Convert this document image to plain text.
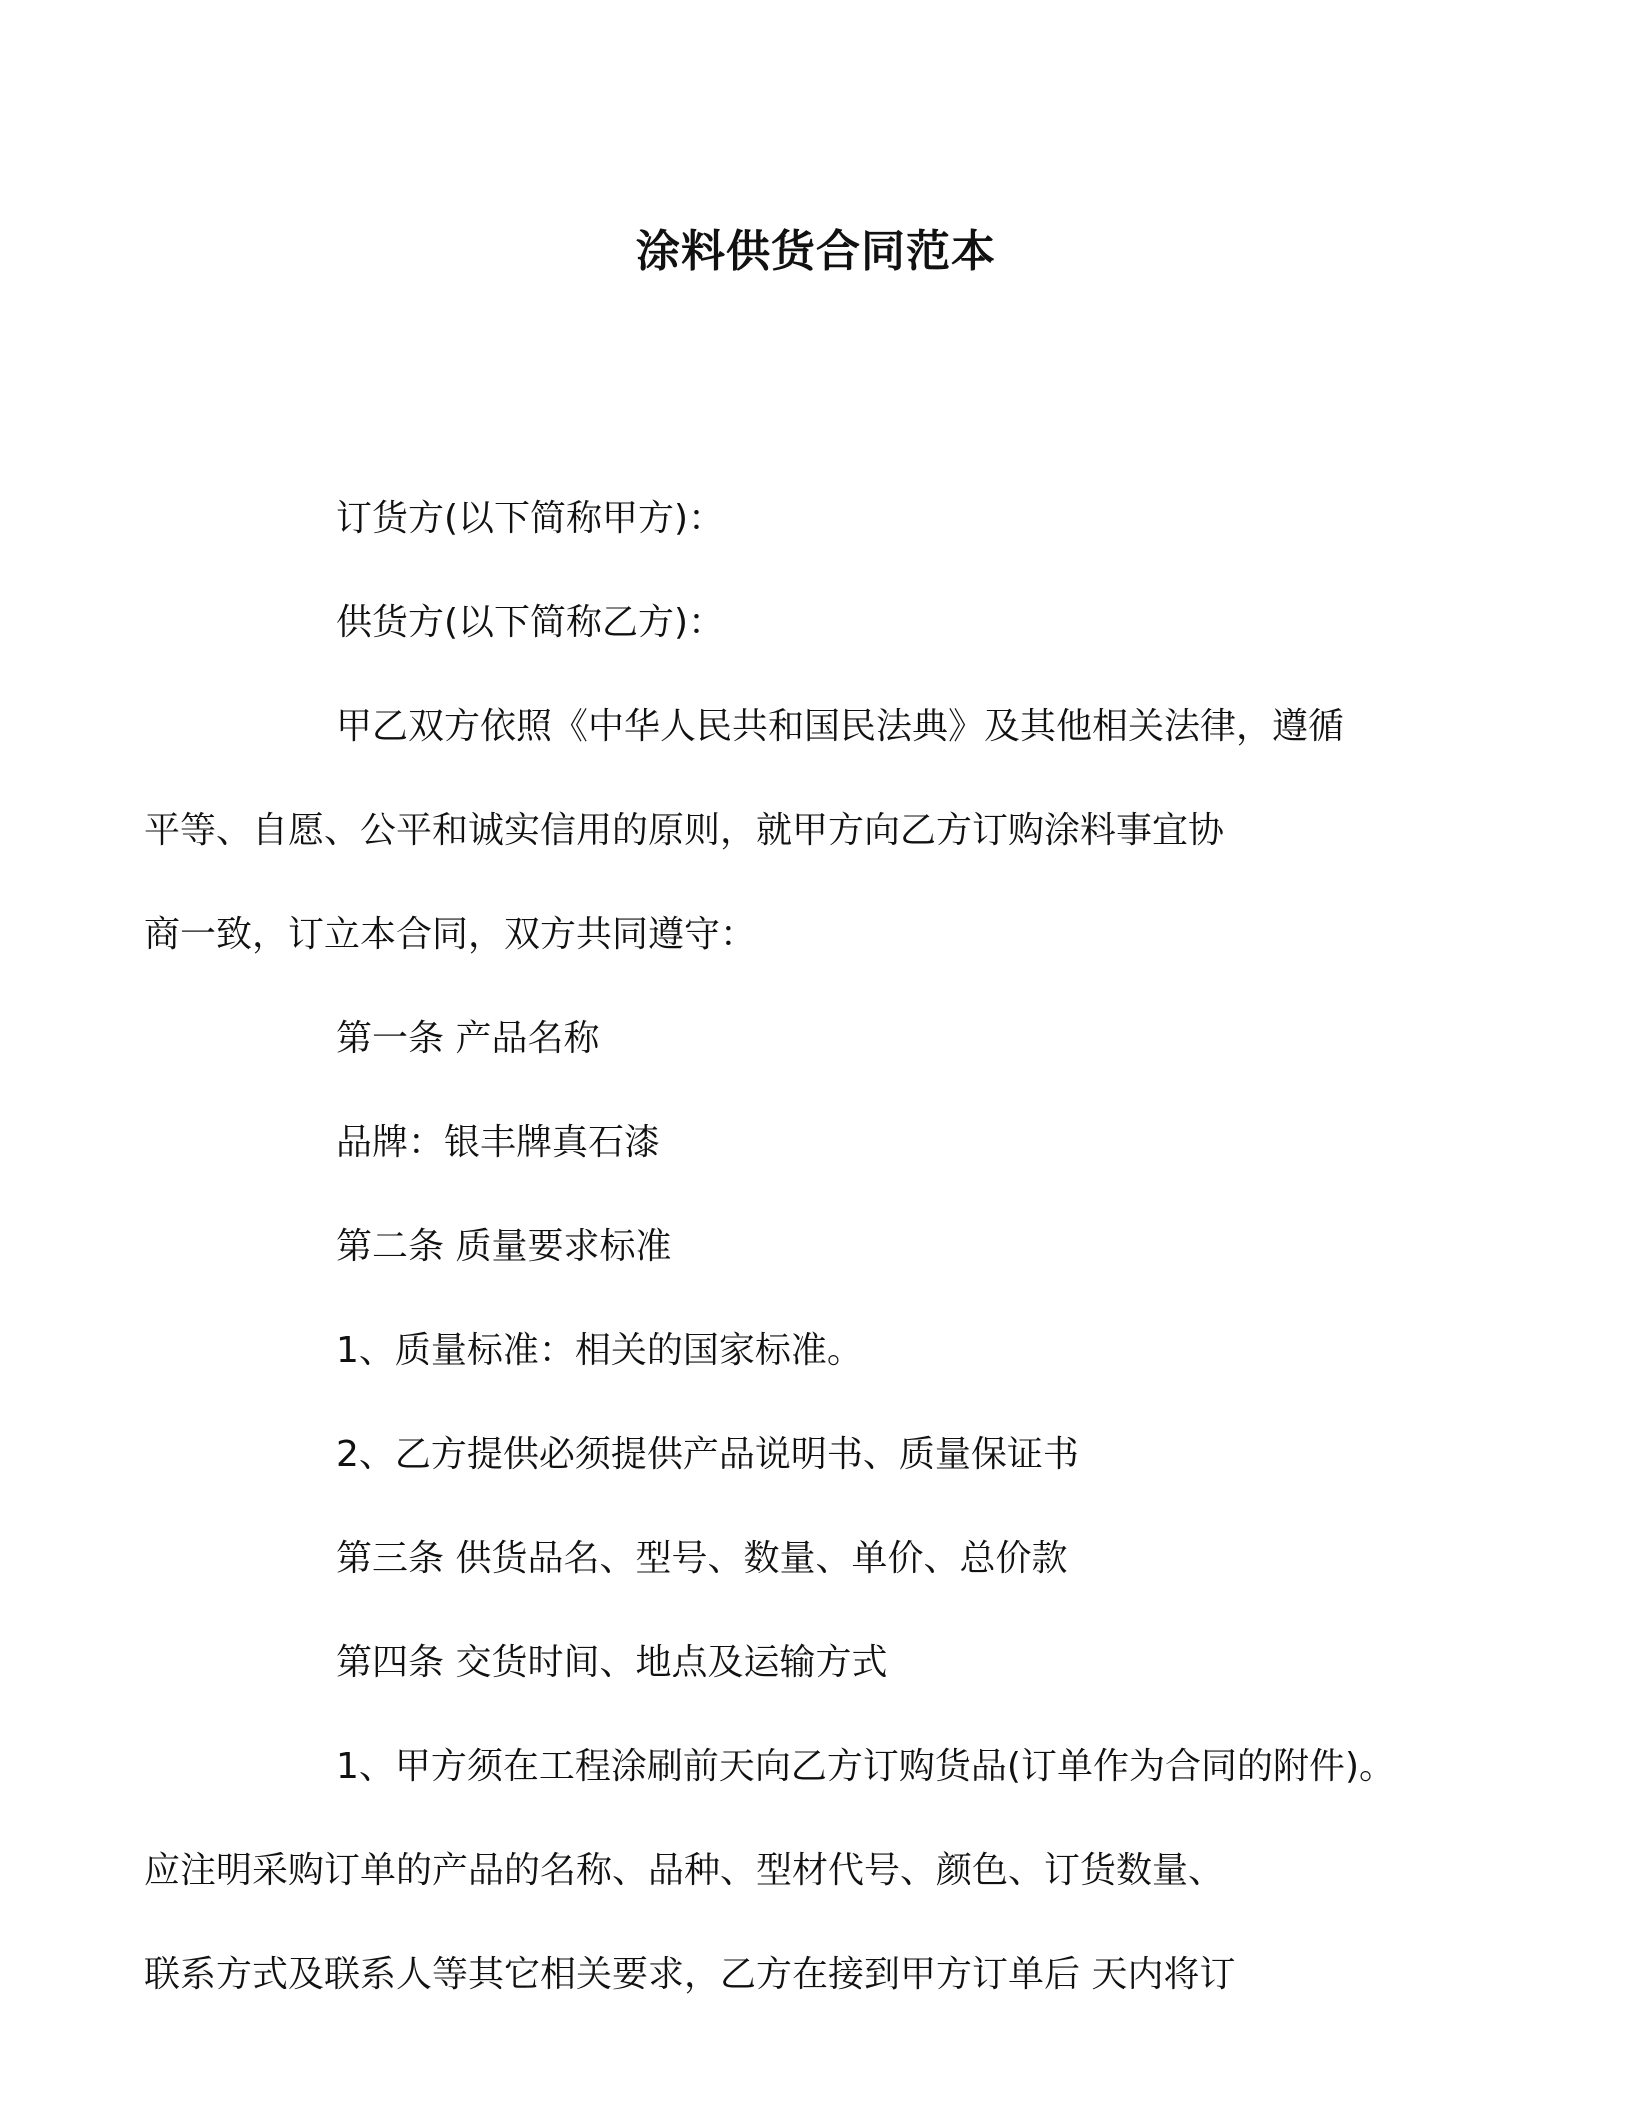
涂料供货合同范本
订货方(以下简称甲方)：
供货方(以下简称乙方)：
甲乙双方依照《中华人民共和国民法典》及其他相关法律，遵循
平等、自愿、公平和诚实信用的原则，就甲方向乙方订购涂料事宜协
商一致，订立本合同，双方共同遵守：
第一条 产品名称
品牌：银丰牌真石漆
第二条 质量要求标准
1、质量标准：相关的国家标准。
2、乙方提供必须提供产品说明书、质量保证书
第三条 供货品名、型号、数量、单价、总价款
第四条 交货时间、地点及运输方式
1、甲方须在工程涂刷前天向乙方订购货品(订单作为合同的附件)。
应注明采购订单的产品的名称、品种、型材代号、颜色、订货数量、
联系方式及联系人等其它相关要求，乙方在接到甲方订单后 天内将订
